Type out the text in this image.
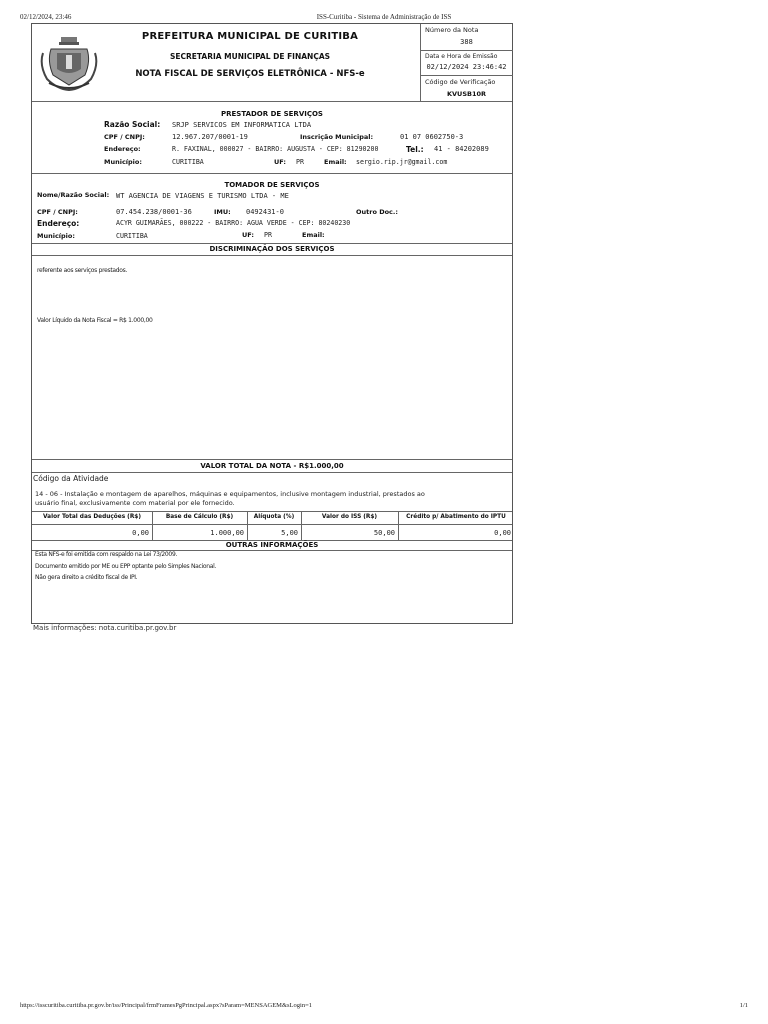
02/12/2024, 23:46	ISS-Curitiba - Sistema de Administração de ISS
PREFEITURA MUNICIPAL DE CURITIBA
SECRETARIA MUNICIPAL DE FINANÇAS
NOTA FISCAL DE SERVIÇOS ELETRÔNICA - NFS-e
Número da Nota
388
Data e Hora de Emissão
02/12/2024 23:46:42
Código de Verificação
KVUSB10R
PRESTADOR DE SERVIÇOS
Razão Social: SRJP SERVICOS EM INFORMATICA LTDA
CPF / CNPJ:	12.967.207/0001-19	Inscrição Municipal:	01 07 0602750-3
Endereço:	R. FAXINAL, 000027 - BAIRRO: AUGUSTA - CEP: 81290200	Tel.: 41 - 84202089
Município:	CURITIBA	UF: PR	Email: sergio.rip.jr@gmail.com
TOMADOR DE SERVIÇOS
Nome/Razão Social: WT AGENCIA DE VIAGENS E TURISMO LTDA - ME
CPF / CNPJ:	07.454.238/0001-36	IMU: 0492431-0	Outro Doc.:
Endereço:	ACYR GUIMARÃES, 000222 - BAIRRO: AGUA VERDE - CEP: 80240230
Município:	CURITIBA	UF: PR	Email:
DISCRIMINAÇÃO DOS SERVIÇOS
referente aos serviços prestados.
Valor Líquido da Nota Fiscal = R$ 1.000,00
VALOR TOTAL DA NOTA - R$1.000,00
Código da Atividade
14 - 06 - Instalação e montagem de aparelhos, máquinas e equipamentos, inclusive montagem industrial, prestados ao
usuário final, exclusivamente com material por ele fornecido.
Valor Total das Deduções (R$)	Base de Cálculo (R$)	Alíquota (%)	Valor do ISS (R$)	Crédito p/ Abatimento do IPTU
0,00	1.000,00	5,00	50,00	0,00
OUTRAS INFORMAÇÕES
Esta NFS-e foi emitida com respaldo na Lei 73/2009.
Documento emitido por ME ou EPP optante pelo Simples Nacional.
Não gera direito a crédito fiscal de IPI.
Mais informações: nota.curitiba.pr.gov.br
https://isscuritiba.curitiba.pr.gov.br/iss/Principal/frmFramesPgPrincipal.aspx?sParam=MENSAGEM&sLogin=1	1/1
